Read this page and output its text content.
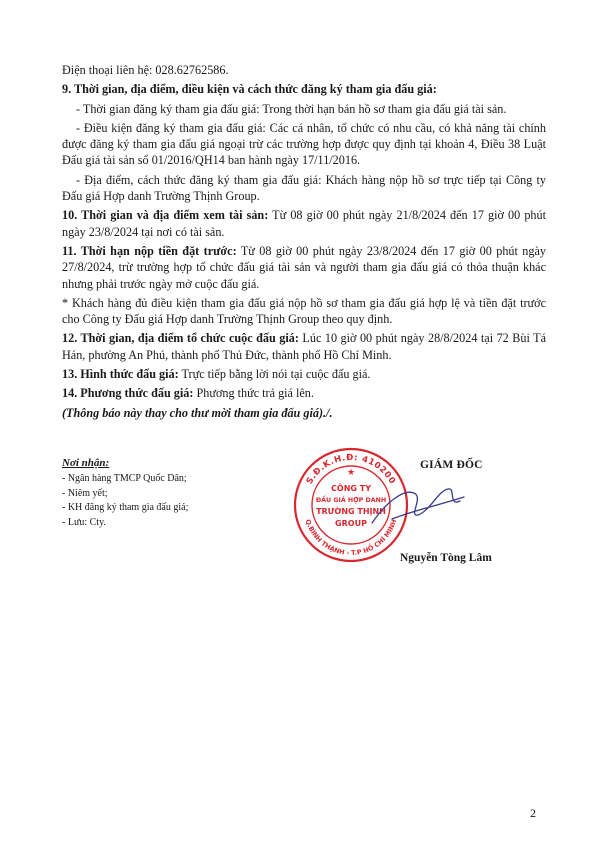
Điện thoại liên hệ: 028.62762586.

9. Thời gian, địa điểm, điều kiện và cách thức đăng ký tham gia đấu giá:

- Thời gian đăng ký tham gia đấu giá: Trong thời hạn bán hồ sơ tham gia đấu giá tài sản.

- Điều kiện đăng ký tham gia đấu giá: Các cá nhân, tổ chức có nhu cầu, có khả năng tài chính được đăng ký tham gia đấu giá ngoại trừ các trường hợp được quy định tại khoản 4, Điều 38 Luật Đấu giá tài sản số 01/2016/QH14 ban hành ngày 17/11/2016.

- Địa điểm, cách thức đăng ký tham gia đấu giá: Khách hàng nộp hồ sơ trực tiếp tại Công ty Đấu giá Hợp danh Trường Thịnh Group.

10. Thời gian và địa điểm xem tài sản: Từ 08 giờ 00 phút ngày 21/8/2024 đến 17 giờ 00 phút ngày 23/8/2024 tại nơi có tài sản.

11. Thời hạn nộp tiền đặt trước: Từ 08 giờ 00 phút ngày 23/8/2024 đến 17 giờ 00 phút ngày 27/8/2024, trừ trường hợp tổ chức đấu giá tài sản và người tham gia đấu giá có thỏa thuận khác nhưng phải trước ngày mở cuộc đấu giá.

* Khách hàng đủ điều kiện tham gia đấu giá nộp hồ sơ tham gia đấu giá hợp lệ và tiền đặt trước cho Công ty Đấu giá Hợp danh Trường Thịnh Group theo quy định.

12. Thời gian, địa điểm tổ chức cuộc đấu giá: Lúc 10 giờ 00 phút ngày 28/8/2024 tại 72 Bùi Tá Hán, phường An Phú, thành phố Thủ Đức, thành phố Hồ Chí Minh.

13. Hình thức đấu giá: Trực tiếp bằng lời nói tại cuộc đấu giá.

14. Phương thức đấu giá: Phương thức trả giá lên.

(Thông báo này thay cho thư mời tham gia đấu giá)./.

Nơi nhận:
- Ngân hàng TMCP Quốc Dân;
- Niêm yết;
- KH đăng ký tham gia đấu giá;
- Lưu: Cty.
S.Đ.K.H.Đ: 410200
Q.BÌNH THẠNH - T.P HỒ CHÍ MINH
CÔNG TY
ĐẤU GIÁ HỢP DANH
TRƯỜNG THỊNH
GROUP
★
GIÁM ĐỐC
Nguyễn Tòng Lâm
2
